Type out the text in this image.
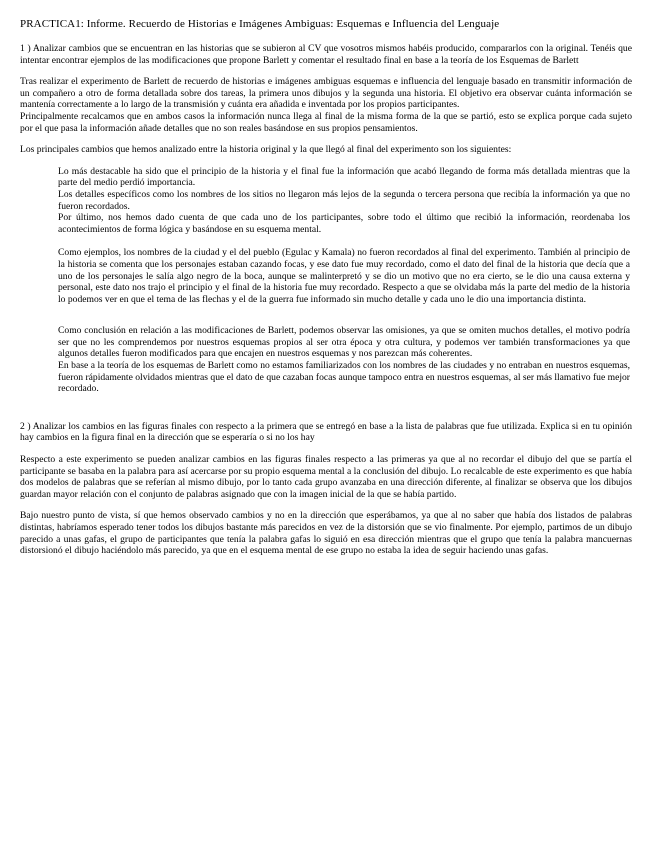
PRACTICA1: Informe. Recuerdo de Historias e Imágenes Ambiguas: Esquemas e Influencia del Lenguaje
1 ) Analizar cambios que se encuentran en las historias que se subieron al CV que vosotros mismos habéis producido, compararlos con la original. Tenéis que intentar encontrar ejemplos de las modificaciones que propone Barlett y comentar el resultado final en base a la teoría de los Esquemas de Barlett
Tras realizar el experimento de Barlett de recuerdo de historias e imágenes ambiguas esquemas e influencia del lenguaje basado en transmitir información de un compañero a otro de forma detallada sobre dos tareas, la primera unos dibujos y la segunda una historia. El objetivo era observar cuánta información se mantenía correctamente a lo largo de la transmisión y cuánta era añadida e inventada por los propios participantes.
Principalmente recalcamos que en ambos casos la información nunca llega al final de la misma forma de la que se partió, esto se explica porque cada sujeto por el que pasa la información añade detalles que no son reales basándose en sus propios pensamientos.
Los principales cambios que hemos analizado entre la historia original y la que llegó al final del experimento son los siguientes:
Lo más destacable ha sido que el principio de la historia y el final fue la información que acabó llegando de forma más detallada mientras que la parte del medio perdió importancia.
Los detalles específicos como los nombres de los sitios no llegaron más lejos de la segunda o tercera persona que recibía la información ya que no fueron recordados.
Por último, nos hemos dado cuenta de que cada uno de los participantes, sobre todo el último que recibió la información, reordenaba los acontecimientos de forma lógica y basándose en su esquema mental.
Como ejemplos, los nombres de la ciudad y el del pueblo (Egulac y Kamala) no fueron recordados al final del experimento. También al principio de la historia se comenta que los personajes estaban cazando focas, y ese dato fue muy recordado, como el dato del final de la historia que decía que a uno de los personajes le salía algo negro de la boca, aunque se malinterpretó y se dio un motivo que no era cierto, se le dio una causa externa y personal, este dato nos trajo el principio y el final de la historia fue muy recordado. Respecto a que se olvidaba más la parte del medio de la historia lo podemos ver en que el tema de las flechas y el de la guerra fue informado sin mucho detalle y cada uno le dio una importancia distinta.
Como conclusión en relación a las modificaciones de Barlett, podemos observar las omisiones, ya que se omiten muchos detalles, el motivo podría ser que no les comprendemos por nuestros esquemas propios al ser otra época y otra cultura, y podemos ver también transformaciones ya que algunos detalles fueron modificados para que encajen en nuestros esquemas y nos parezcan más coherentes.
En base a la teoría de los esquemas de Barlett como no estamos familiarizados con los nombres de las ciudades y no entraban en nuestros esquemas, fueron rápidamente olvidados mientras que el dato de que cazaban focas aunque tampoco entra en nuestros esquemas, al ser más llamativo fue mejor recordado.
2 ) Analizar los cambios en las figuras finales con respecto a la primera que se entregó en base a la lista de palabras que fue utilizada. Explica si en tu opinión hay cambios en la figura final en la dirección que se esperaría o si no los hay
Respecto a este experimento se pueden analizar cambios en las figuras finales respecto a las primeras ya que al no recordar el dibujo del que se partía el participante se basaba en la palabra para así acercarse por su propio esquema mental a la conclusión del dibujo. Lo recalcable de este experimento es que había dos modelos de palabras que se referían al mismo dibujo, por lo tanto cada grupo avanzaba en una dirección diferente, al finalizar se observa que los dibujos guardan mayor relación con el conjunto de palabras asignado que con la imagen inicial de la que se había partido.
Bajo nuestro punto de vista, sí que hemos observado cambios y no en la dirección que esperábamos, ya que al no saber que había dos listados de palabras distintas, habríamos esperado tener todos los dibujos bastante más parecidos en vez de la distorsión que se vio finalmente. Por ejemplo, partimos de un dibujo parecido a unas gafas, el grupo de participantes que tenía la palabra gafas lo siguió en esa dirección mientras que el grupo que tenía la palabra mancuernas distorsionó el dibujo haciéndolo más parecido, ya que en el esquema mental de ese grupo no estaba la idea de seguir haciendo unas gafas.
